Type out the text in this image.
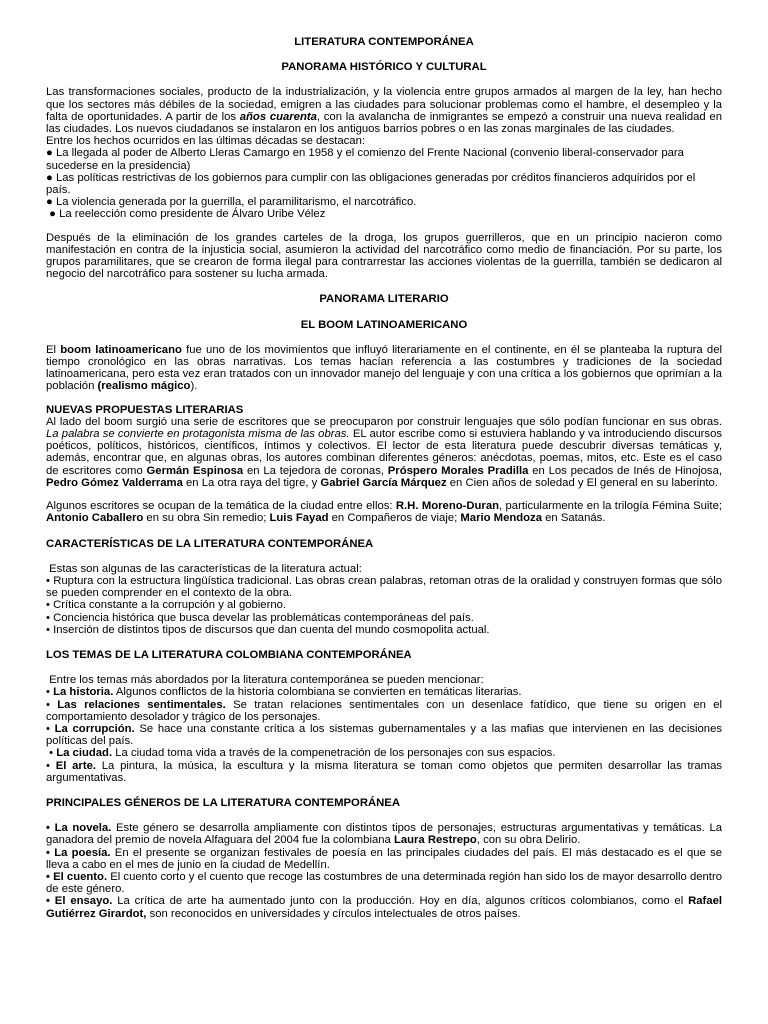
LITERATURA CONTEMPORÁNEA

PANORAMA HISTÓRICO Y CULTURAL

Las transformaciones sociales, producto de la industrialización, y la violencia entre grupos armados al margen de la ley, han hecho que los sectores más débiles de la sociedad, emigren a las ciudades para solucionar problemas como el hambre, el desempleo y la falta de oportunidades. A partir de los años cuarenta, con la avalancha de inmigrantes se empezó a construir una nueva realidad en las ciudades. Los nuevos ciudadanos se instalaron en los antiguos barrios pobres o en las zonas marginales de las ciudades.

Entre los hechos ocurridos en las últimas décadas se destacan:

● La llegada al poder de Alberto Lleras Camargo en 1958 y el comienzo del Frente Nacional (convenio liberal-conservador para sucederse en la presidencia)

● Las políticas restrictivas de los gobiernos para cumplir con las obligaciones generadas por créditos financieros adquiridos por el país.

● La violencia generada por la guerrilla, el paramilitarismo, el narcotráfico.

● La reelección como presidente de Álvaro Uribe Vélez

Después de la eliminación de los grandes carteles de la droga, los grupos guerrilleros, que en un principio nacieron como manifestación en contra de la injusticia social, asumieron la actividad del narcotráfico como medio de financiación. Por su parte, los grupos paramilitares, que se crearon de forma ilegal para contrarrestar las acciones violentas de la guerrilla, también se dedicaron al negocio del narcotráfico para sostener su lucha armada.

PANORAMA LITERARIO

EL BOOM LATINOAMERICANO

El boom latinoamericano fue uno de los movimientos que influyó literariamente en el continente, en él se planteaba la ruptura del tiempo cronológico en las obras narrativas. Los temas hacían referencia a las costumbres y tradiciones de la sociedad latinoamericana, pero esta vez eran tratados con un innovador manejo del lenguaje y con una crítica a los gobiernos que oprimían a la población (realismo mágico).

NUEVAS PROPUESTAS LITERARIAS

Al lado del boom surgió una serie de escritores que se preocuparon por construir lenguajes que sólo podían funcionar en sus obras. La palabra se convierte en protagonista misma de las obras. EL autor escribe como si estuviera hablando y va introduciendo discursos poéticos, políticos, históricos, científicos, íntimos y colectivos. El lector de esta literatura puede descubrir diversas temáticas y, además, encontrar que, en algunas obras, los autores combinan diferentes géneros: anécdotas, poemas, mitos, etc. Este es el caso de escritores como Germán Espinosa en La tejedora de coronas, Próspero Morales Pradilla en Los pecados de Inés de Hinojosa, Pedro Gómez Valderrama en La otra raya del tigre, y Gabriel García Márquez en Cien años de soledad y El general en su laberinto.

Algunos escritores se ocupan de la temática de la ciudad entre ellos: R.H. Moreno-Duran, particularmente en la trilogía Fémina Suite; Antonio Caballero en su obra Sin remedio; Luis Fayad en Compañeros de viaje; Mario Mendoza en Satanás.

CARACTERÍSTICAS DE LA LITERATURA CONTEMPORÁNEA

Estas son algunas de las características de la literatura actual:

• Ruptura con la estructura lingüística tradicional. Las obras crean palabras, retoman otras de la oralidad y construyen formas que sólo se pueden comprender en el contexto de la obra.

• Crítica constante a la corrupción y al gobierno.

• Conciencia histórica que busca develar las problemáticas contemporáneas del país.

• Inserción de distintos tipos de discursos que dan cuenta del mundo cosmopolita actual.

LOS TEMAS DE LA LITERATURA COLOMBIANA CONTEMPORÁNEA

Entre los temas más abordados por la literatura contemporánea se pueden mencionar:

• La historia. Algunos conflictos de la historia colombiana se convierten en temáticas literarias.

• Las relaciones sentimentales. Se tratan relaciones sentimentales con un desenlace fatídico, que tiene su origen en el comportamiento desolador y trágico de los personajes.

• La corrupción. Se hace una constante crítica a los sistemas gubernamentales y a las mafias que intervienen en las decisiones políticas del país.

• La ciudad. La ciudad toma vida a través de la compenetración de los personajes con sus espacios.

• El arte. La pintura, la música, la escultura y la misma literatura se toman como objetos que permiten desarrollar las tramas argumentativas.

PRINCIPALES GÉNEROS DE LA LITERATURA CONTEMPORÁNEA

• La novela. Este género se desarrolla ampliamente con distintos tipos de personajes, estructuras argumentativas y temáticas. La ganadora del premio de novela Alfaguara del 2004 fue la colombiana Laura Restrepo, con su obra Delirio.

• La poesía. En el presente se organizan festivales de poesía en las principales ciudades del país. El más destacado es el que se lleva a cabo en el mes de junio en la ciudad de Medellín.

• El cuento. El cuento corto y el cuento que recoge las costumbres de una determinada región han sido los de mayor desarrollo dentro de este género.

• El ensayo. La crítica de arte ha aumentado junto con la producción. Hoy en día, algunos críticos colombianos, como el Rafael Gutiérrez Girardot, son reconocidos en universidades y círculos intelectuales de otros países.
